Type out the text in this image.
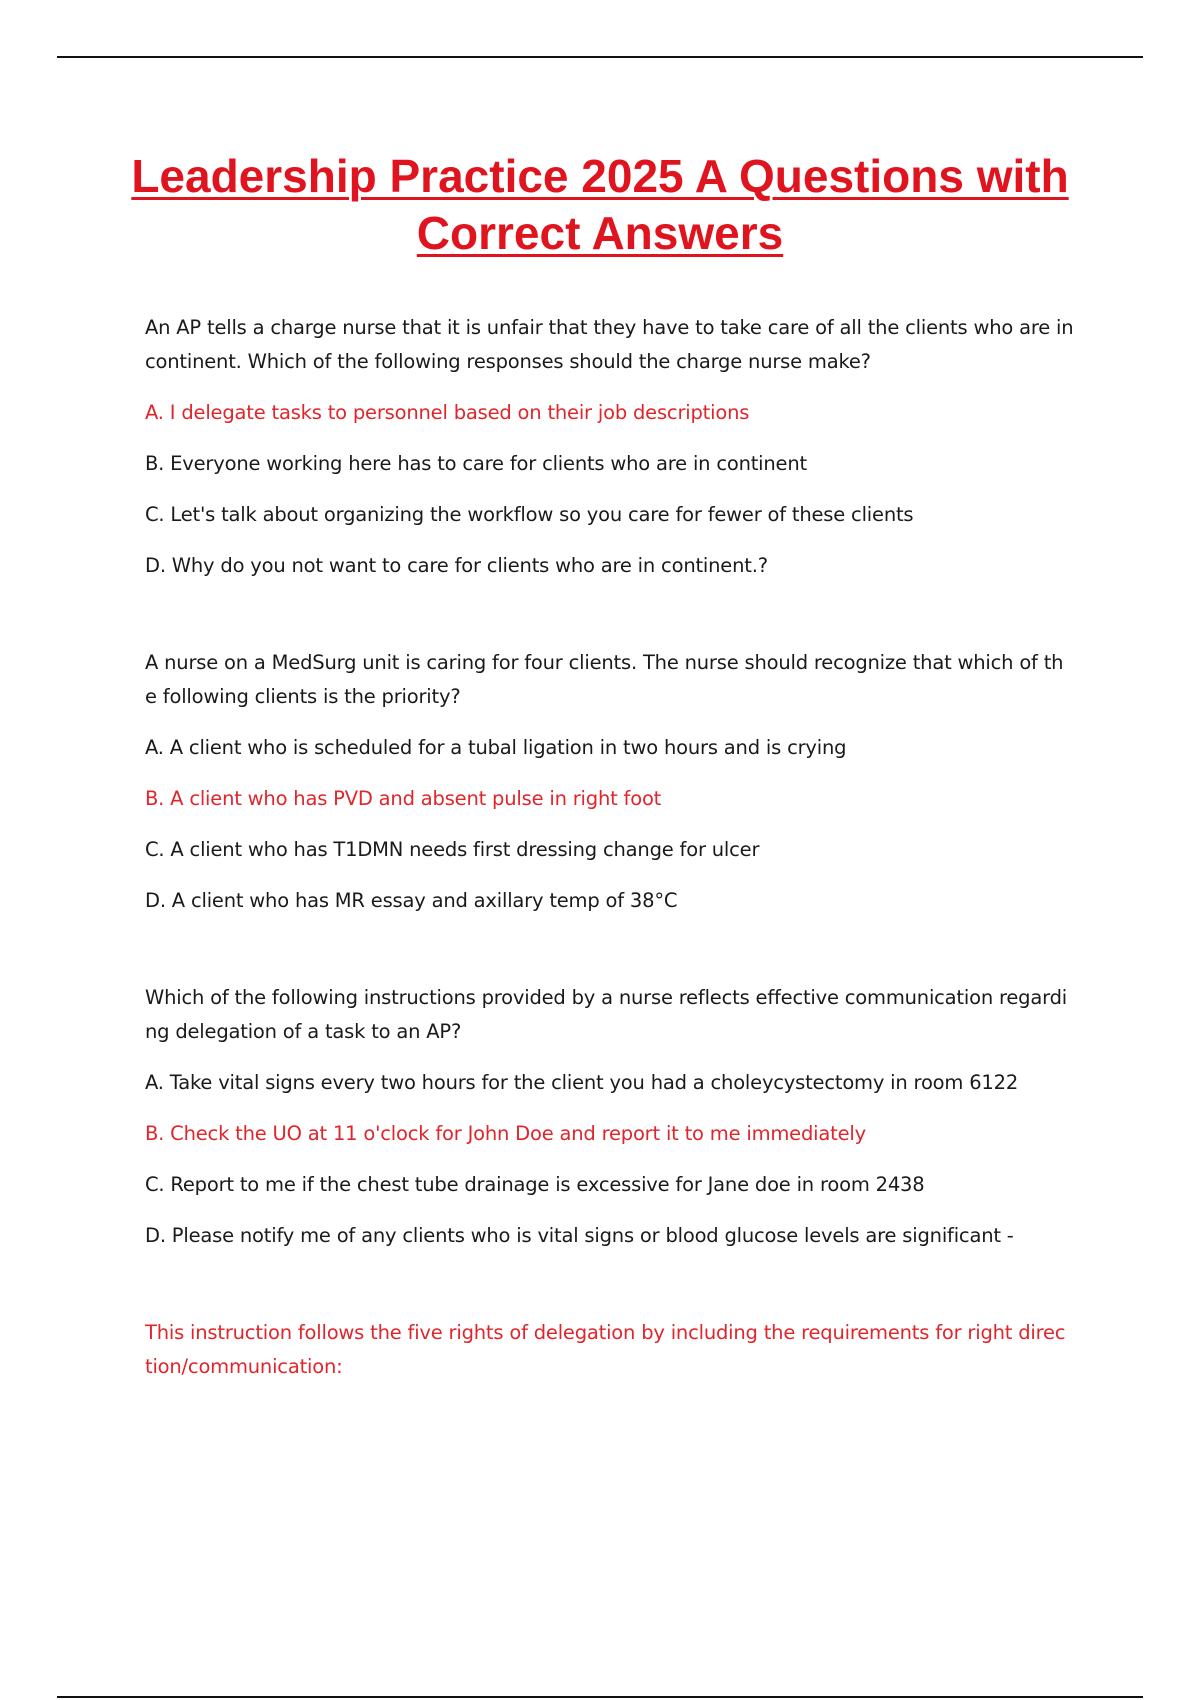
Leadership Practice 2025 A Questions with Correct Answers
An AP tells a charge nurse that it is unfair that they have to take care of all the clients who are in
continent. Which of the following responses should the charge nurse make?
A. I delegate tasks to personnel based on their job descriptions
B. Everyone working here has to care for clients who are in continent
C. Let's talk about organizing the workflow so you care for fewer of these clients
D. Why do you not want to care for clients who are in continent.?
A nurse on a MedSurg unit is caring for four clients. The nurse should recognize that which of th
e following clients is the priority?
A. A client who is scheduled for a tubal ligation in two hours and is crying
B. A client who has PVD and absent pulse in right foot
C. A client who has T1DMN needs first dressing change for ulcer
D. A client who has MR essay and axillary temp of 38°C
Which of the following instructions provided by a nurse reflects effective communication regardi
ng delegation of a task to an AP?
A. Take vital signs every two hours for the client you had a choleycystectomy in room 6122
B. Check the UO at 11 o'clock for John Doe and report it to me immediately
C. Report to me if the chest tube drainage is excessive for Jane doe in room 2438
D. Please notify me of any clients who is vital signs or blood glucose levels are significant -
This instruction follows the five rights of delegation by including the requirements for right direc
tion/communication:
